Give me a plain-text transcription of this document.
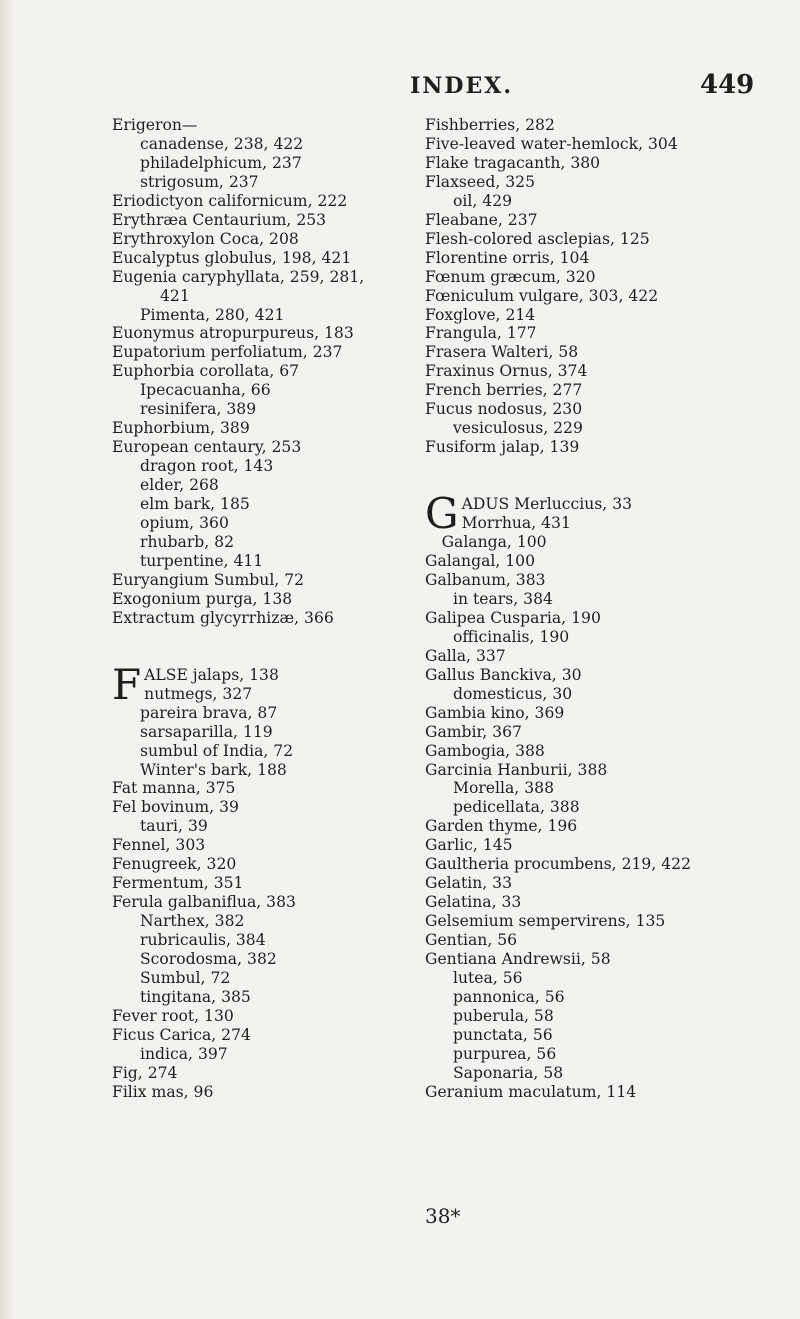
INDEX.	449
Erigeron—
canadense, 238, 422
philadelphicum, 237
strigosum, 237
Eriodictyon californicum, 222
Erythræa Centaurium, 253
Erythroxylon Coca, 208
Eucalyptus globulus, 198, 421
Eugenia caryphyllata, 259, 281,
421
Pimenta, 280, 421
Euonymus atropurpureus, 183
Eupatorium perfoliatum, 237
Euphorbia corollata, 67
Ipecacuanha, 66
resinifera, 389
Euphorbium, 389
European centaury, 253
dragon root, 143
elder, 268
elm bark, 185
opium, 360
rhubarb, 82
turpentine, 411
Euryangium Sumbul, 72
Exogonium purga, 138
Extractum glycyrrhizæ, 366
F ALSE jalaps, 138
nutmegs, 327
pareira brava, 87
sarsaparilla, 119
sumbul of India, 72
Winter's bark, 188
Fat manna, 375
Fel bovinum, 39
tauri, 39
Fennel, 303
Fenugreek, 320
Fermentum, 351
Ferula galbaniflua, 383
Narthex, 382
rubricaulis, 384
Scorodosma, 382
Sumbul, 72
tingitana, 385
Fever root, 130
Ficus Carica, 274
indica, 397
Fig, 274
Filix mas, 96
Fishberries, 282
Five-leaved water-hemlock, 304
Flake tragacanth, 380
Flaxseed, 325
oil, 429
Fleabane, 237
Flesh-colored asclepias, 125
Florentine orris, 104
Fœnum græcum, 320
Fœniculum vulgare, 303, 422
Foxglove, 214
Frangula, 177
Frasera Walteri, 58
Fraxinus Ornus, 374
French berries, 277
Fucus nodosus, 230
vesiculosus, 229
Fusiform jalap, 139
G ADUS Merluccius, 33
Morrhua, 431
Galanga, 100
Galangal, 100
Galbanum, 383
in tears, 384
Galipea Cusparia, 190
officinalis, 190
Galla, 337
Gallus Banckiva, 30
domesticus, 30
Gambia kino, 369
Gambir, 367
Gambogia, 388
Garcinia Hanburii, 388
Morella, 388
pedicellata, 388
Garden thyme, 196
Garlic, 145
Gaultheria procumbens, 219, 422
Gelatin, 33
Gelatina, 33
Gelsemium sempervirens, 135
Gentian, 56
Gentiana Andrewsii, 58
lutea, 56
pannonica, 56
puberula, 58
punctata, 56
purpurea, 56
Saponaria, 58
Geranium maculatum, 114
38*
